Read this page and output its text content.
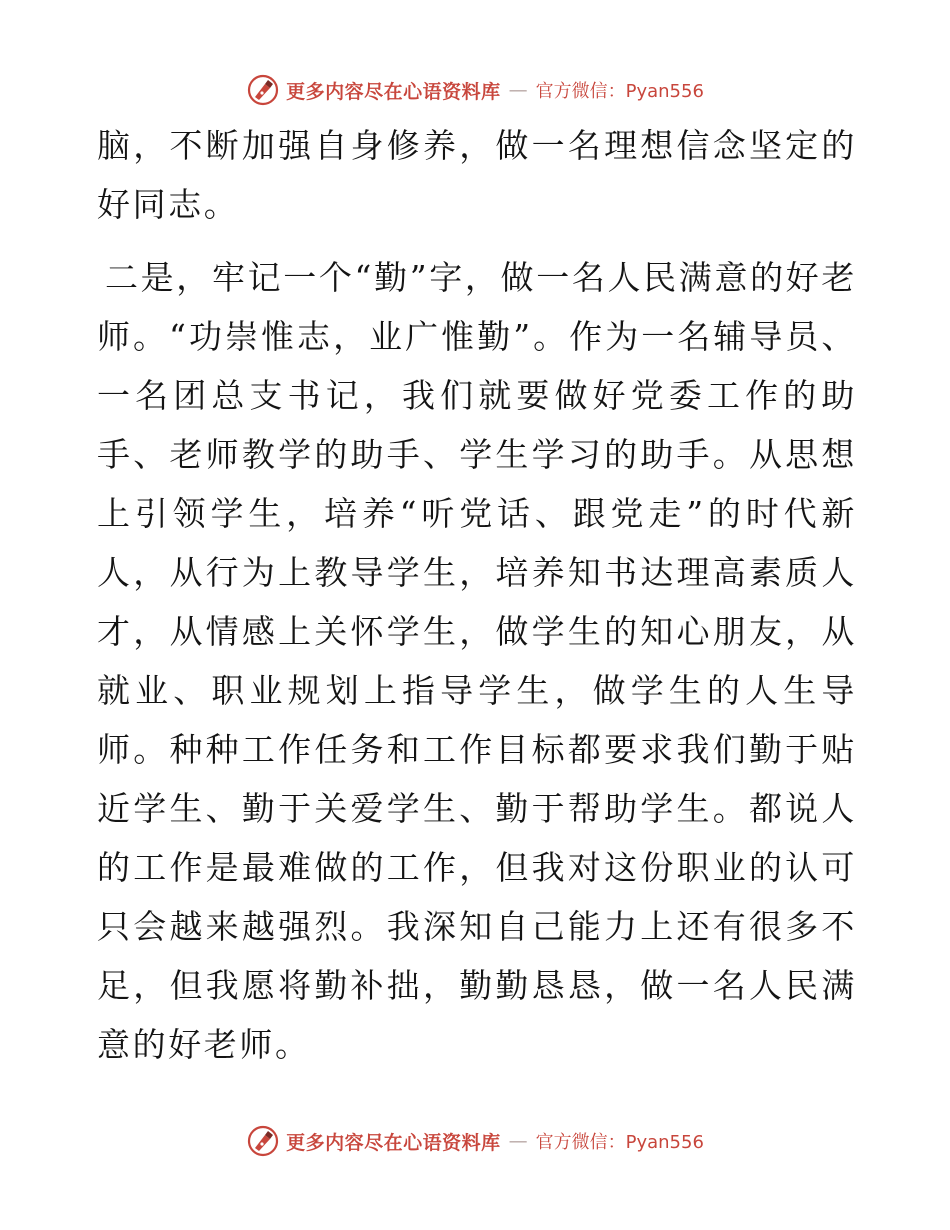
更多内容尽在心语资料库 — 官方微信：Pyan556

脑，不断加强自身修养，做一名理想信念坚定的好同志。

二是，牢记一个“勤”字，做一名人民满意的好老师。“功崇惟志，业广惟勤”。作为一名辅导员、一名团总支书记，我们就要做好党委工作的助手、老师教学的助手、学生学习的助手。从思想上引领学生，培养“听党话、跟党走”的时代新人，从行为上教导学生，培养知书达理高素质人才，从情感上关怀学生，做学生的知心朋友，从就业、职业规划上指导学生，做学生的人生导师。种种工作任务和工作目标都要求我们勤于贴近学生、勤于关爱学生、勤于帮助学生。都说人的工作是最难做的工作，但我对这份职业的认可只会越来越强烈。我深知自己能力上还有很多不足，但我愿将勤补拙，勤勤恳恳，做一名人民满意的好老师。

更多内容尽在心语资料库 — 官方微信：Pyan556
